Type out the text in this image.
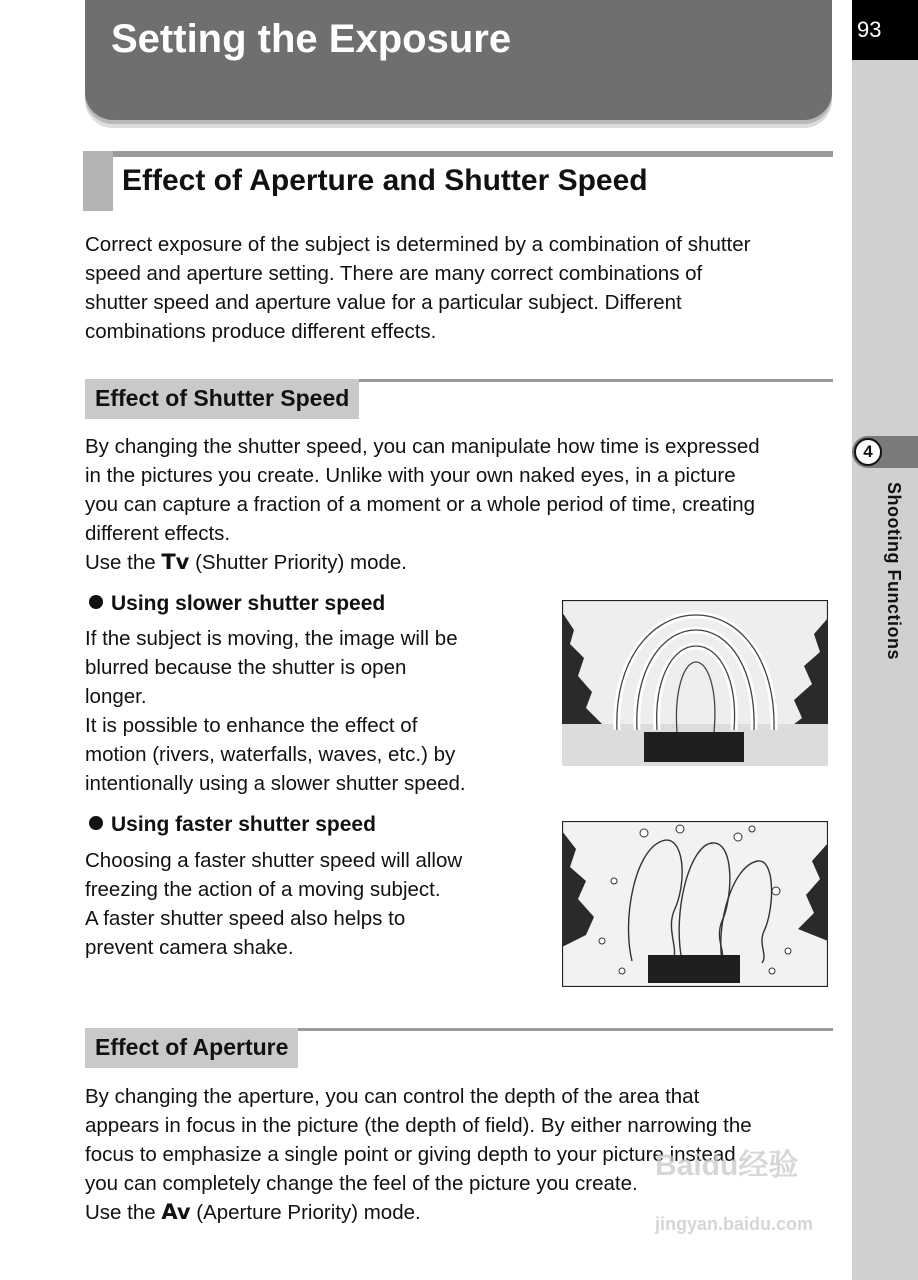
93
4
Shooting Functions
Setting the Exposure
Effect of Aperture and Shutter Speed
Correct exposure of the subject is determined by a combination of shutter
speed and aperture setting. There are many correct combinations of
shutter speed and aperture value for a particular subject. Different
combinations produce different effects.
Effect of Shutter Speed
By changing the shutter speed, you can manipulate how time is expressed
in the pictures you create. Unlike with your own naked eyes, in a picture
you can capture a fraction of a moment or a whole period of time, creating
different effects.
Use the Tv (Shutter Priority) mode.
Using slower shutter speed
If the subject is moving, the image will be
blurred because the shutter is open
longer.
It is possible to enhance the effect of
motion (rivers, waterfalls, waves, etc.) by
intentionally using a slower shutter speed.
Using faster shutter speed
Choosing a faster shutter speed will allow
freezing the action of a moving subject.
A faster shutter speed also helps to
prevent camera shake.
Effect of Aperture
By changing the aperture, you can control the depth of the area that
appears in focus in the picture (the depth of field). By either narrowing the
focus to emphasize a single point or giving depth to your picture instead
you can completely change the feel of the picture you create.
Use the Av (Aperture Priority) mode.
Baidu经验
jingyan.baidu.com
